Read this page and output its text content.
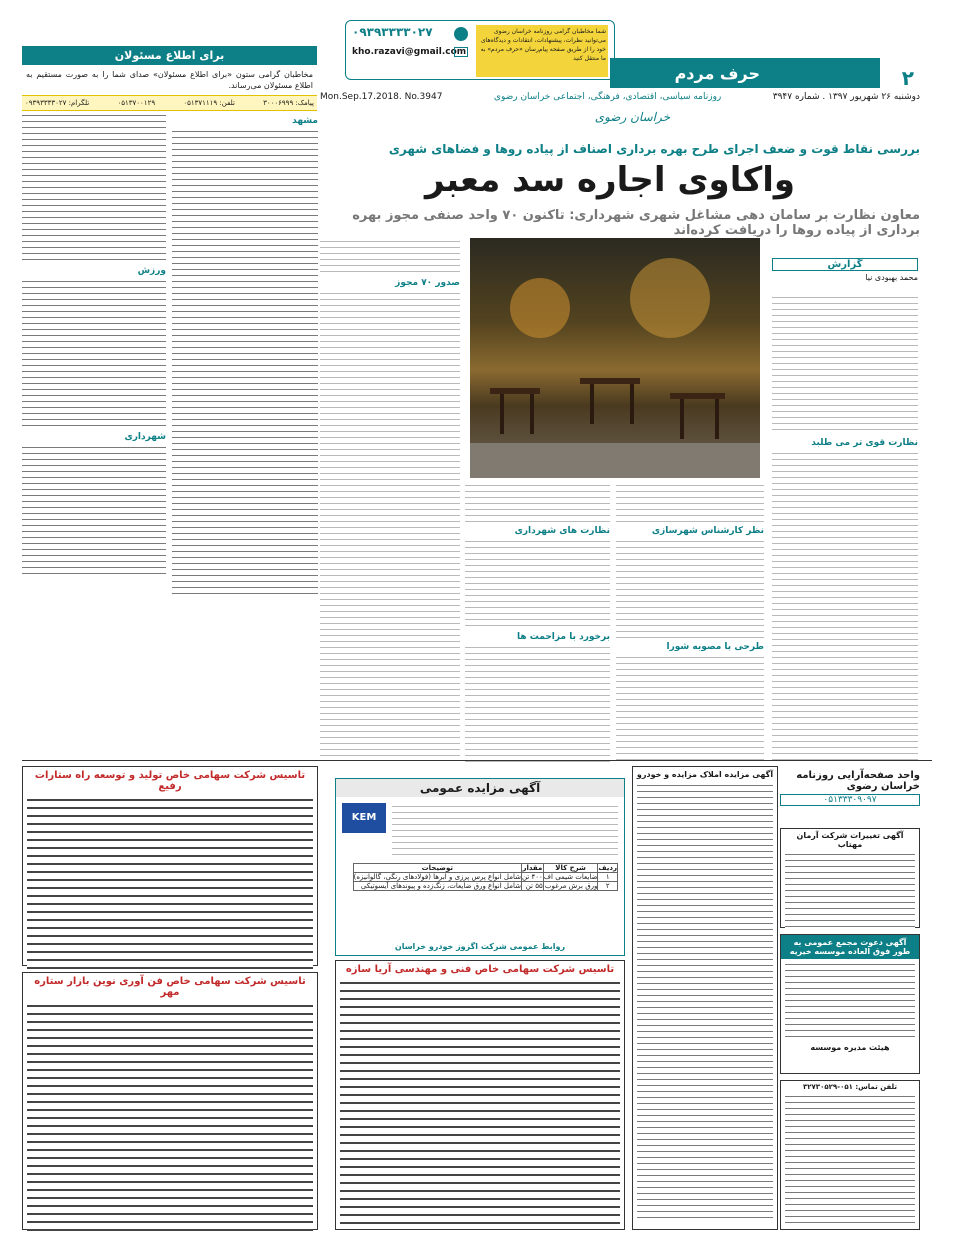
۲
حرف مردم
دوشنبه ۲۶ شهریور ۱۳۹۷ . شماره ۳۹۴۷
روزنامه سیاسی، اقتصادی، فرهنگی، اجتماعی خراسان رضوی
Mon.Sep.17.2018. No.3947
خراسان رضوی
۰۹۳۹۳۳۳۳۰۲۷
kho.razavi@gmail.com
شما مخاطبان گرامی روزنامه خراسان رضوی می‌توانید نظرات، پیشنهادات، انتقادات و دیدگاه‌های خود را از طریق صفحه پیام‌رسان «حرف مردم» به ما منتقل کنید
برای اطلاع مسئولان
مخاطبان گرامی ستون «برای اطلاع مسئولان» صدای شما را به صورت مستقیم به اطلاع مسئولان می‌رساند.
پیامک: ۳۰۰۰۶۹۹۹
تلفن: ۰۵۱۳۷۱۱۱۹
۰۵۱۳۷۰۰۱۲۹
تلگرام: ۰۹۳۹۳۳۳۳۰۲۷
مشهد
ورزش
شهرداری
بررسی نقاط قوت و ضعف اجرای طرح بهره برداری اصناف از پیاده روها و فضاهای شهری
واکاوی اجاره سد معبر
معاون نظارت بر سامان دهی مشاغل شهری شهرداری: تاکنون ۷۰ واحد صنفی مجوز بهره برداری از پیاده روها را دریافت کرده‌اند
گزارش
محمد بهبودی نیا
نظارت قوی تر می طلبد
نظر کارشناس شهرسازی
طرحی با مصوبه شورا
نظارت های شهرداری
برخورد با مزاحمت ها
صدور ۷۰ مجوز
تاسیس شرکت سهامی خاص تولید و توسعه راه ستارات رفیع
تاسیس شرکت سهامی خاص فن آوری نوین بازار ستاره مهر
آگهی مزایده عمومی
KEM
ردیف	شرح کالا	مقدار	توضیحات
۱	ضایعات شیمی اف	۴۰۰ تن	شامل انواع پرس پرزی و ابرها (فولادهای رنگی، گالوانیزه)
۲	ورق برش مرغوب	۵۵ تن	شامل انواع ورق ضایعات، زنگ‌زده و پیوندهای آیسوتیکی
روابط عمومی شرکت اگزوز خودرو خراسان
تاسیس شرکت سهامی خاص فنی و مهندسی آریا سازه
آگهی مزایده املاک مزایده و خودرو	واحد صفحه‌آرایی روزنامه خراسان رضوی
۰۵۱۳۳۳۰۹۰۹۷
آگهی تغییرات شرکت آرمان مهتاب
آگهی دعوت مجمع عمومی به طور فوق العاده موسسه خیریه
هیئت مدیره موسسه
تلفن تماس: ۰۵۱-۳۲۷۳۰۵۲۹
